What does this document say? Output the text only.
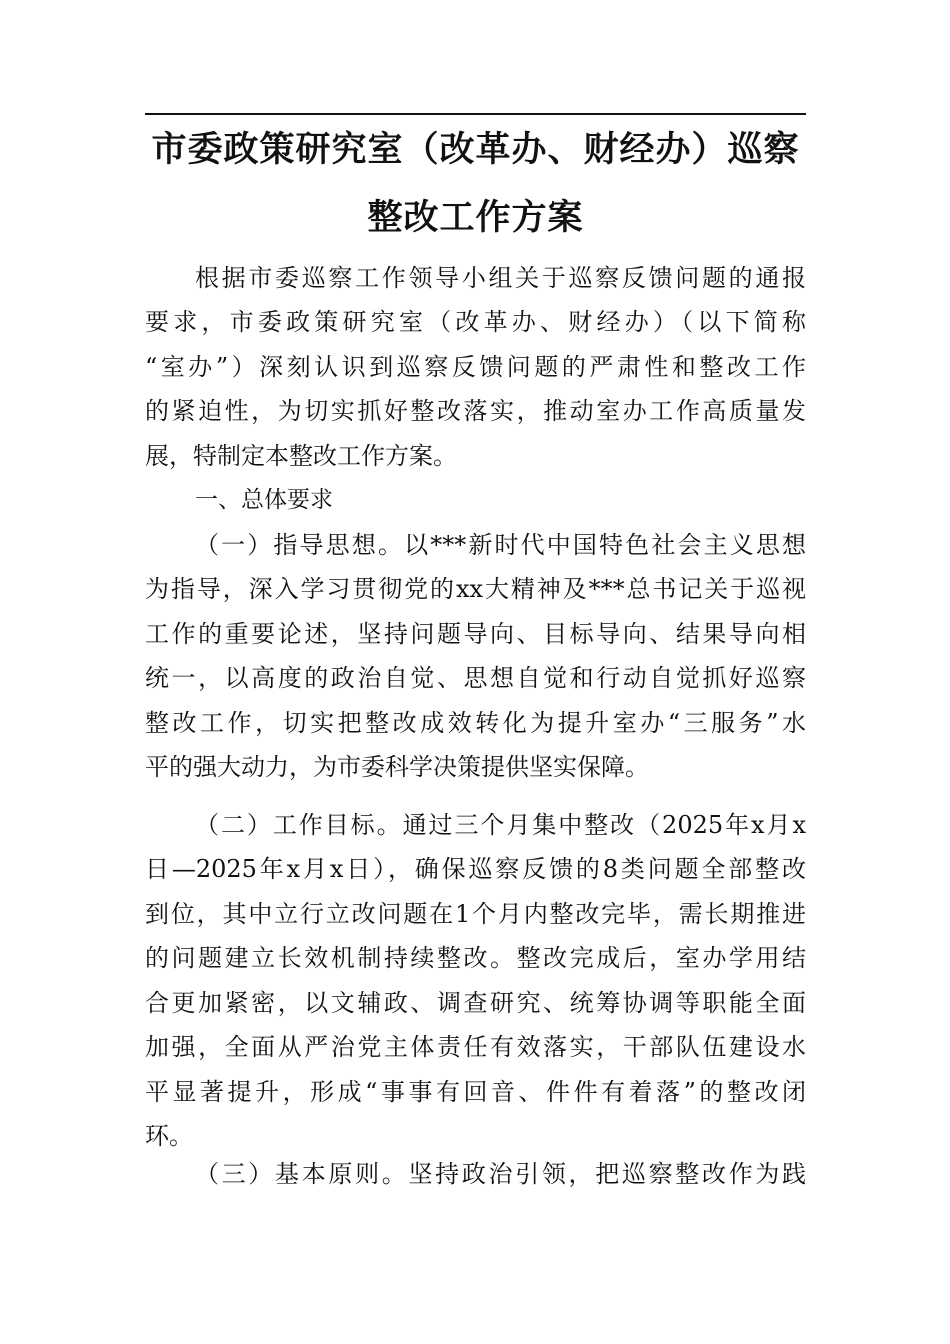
市委政策研究室（改革办、财经办）巡察
整改工作方案
根据市委巡察工作领导小组关于巡察反馈问题的通报
要求，市委政策研究室（改革办、财经办）（以下简称
“室办”）深刻认识到巡察反馈问题的严肃性和整改工作
的紧迫性，为切实抓好整改落实，推动室办工作高质量发
展，特制定本整改工作方案。
一、总体要求
（一）指导思想。以***新时代中国特色社会主义思想
为指导，深入学习贯彻党的xx大精神及***总书记关于巡视
工作的重要论述，坚持问题导向、目标导向、结果导向相
统一，以高度的政治自觉、思想自觉和行动自觉抓好巡察
整改工作，切实把整改成效转化为提升室办“三服务”水
平的强大动力，为市委科学决策提供坚实保障。
（二）工作目标。通过三个月集中整改（2025年x月x
日—2025年x月x日），确保巡察反馈的8类问题全部整改
到位，其中立行立改问题在1个月内整改完毕，需长期推进
的问题建立长效机制持续整改。整改完成后，室办学用结
合更加紧密，以文辅政、调查研究、统筹协调等职能全面
加强，全面从严治党主体责任有效落实，干部队伍建设水
平显著提升，形成“事事有回音、件件有着落”的整改闭
环。
（三）基本原则。坚持政治引领，把巡察整改作为践
